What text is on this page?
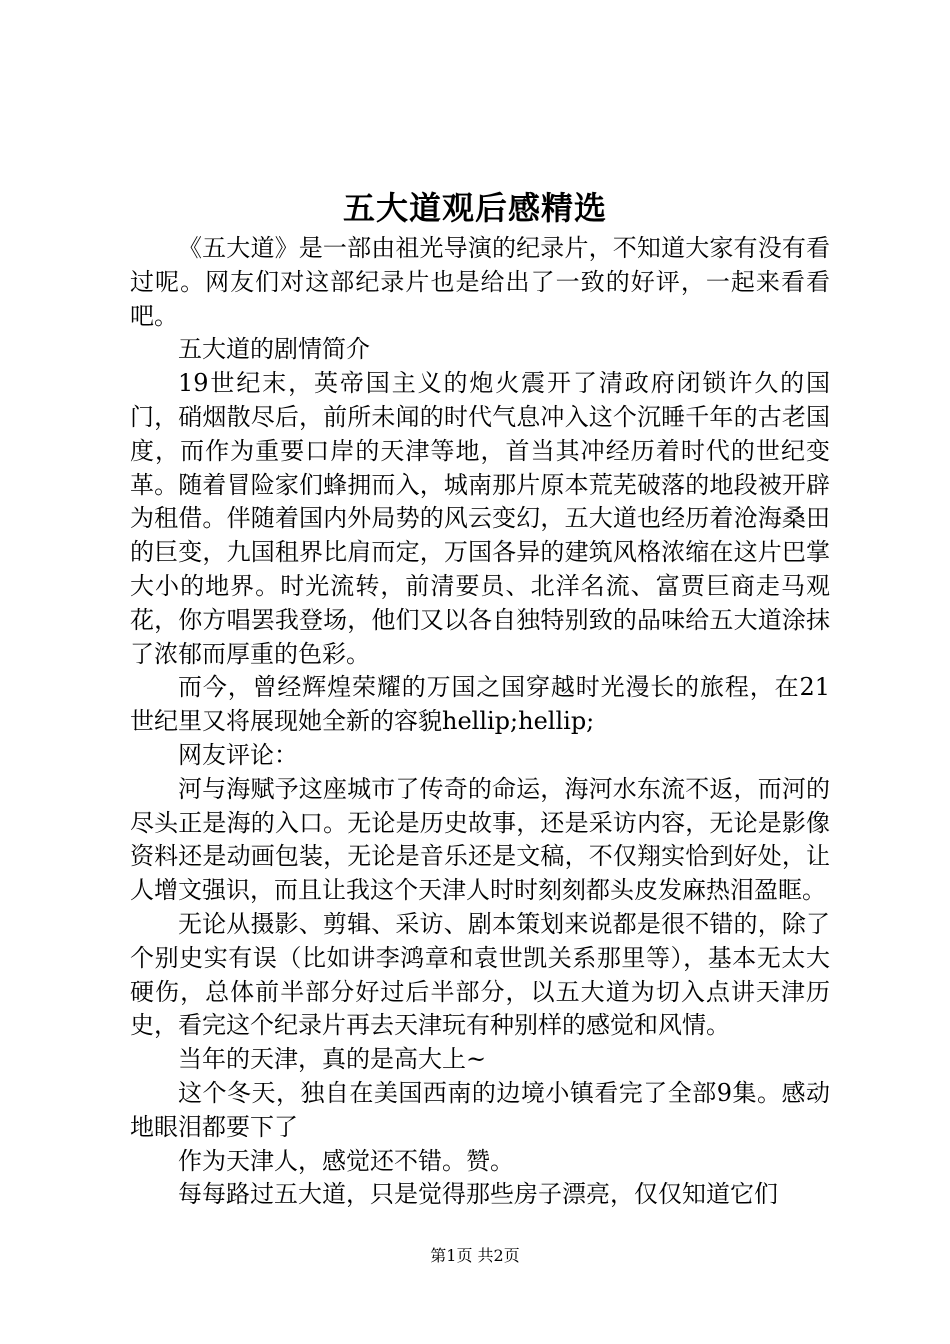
五大道观后感精选

《五大道》是一部由祖光导演的纪录片，不知道大家有没有看过呢。网友们对这部纪录片也是给出了一致的好评，一起来看看吧。

五大道的剧情简介

19世纪末，英帝国主义的炮火震开了清政府闭锁许久的国门，硝烟散尽后，前所未闻的时代气息冲入这个沉睡千年的古老国度，而作为重要口岸的天津等地，首当其冲经历着时代的世纪变革。随着冒险家们蜂拥而入，城南那片原本荒芜破落的地段被开辟为租借。伴随着国内外局势的风云变幻，五大道也经历着沧海桑田的巨变，九国租界比肩而定，万国各异的建筑风格浓缩在这片巴掌大小的地界。时光流转，前清要员、北洋名流、富贾巨商走马观花，你方唱罢我登场，他们又以各自独特别致的品味给五大道涂抹了浓郁而厚重的色彩。

而今，曾经辉煌荣耀的万国之国穿越时光漫长的旅程，在21世纪里又将展现她全新的容貌hellip;hellip;

网友评论：

河与海赋予这座城市了传奇的命运，海河水东流不返，而河的尽头正是海的入口。无论是历史故事，还是采访内容，无论是影像资料还是动画包装，无论是音乐还是文稿，不仅翔实恰到好处，让人增文强识，而且让我这个天津人时时刻刻都头皮发麻热泪盈眶。

无论从摄影、剪辑、采访、剧本策划来说都是很不错的，除了个别史实有误（比如讲李鸿章和袁世凯关系那里等），基本无太大硬伤，总体前半部分好过后半部分，以五大道为切入点讲天津历史，看完这个纪录片再去天津玩有种别样的感觉和风情。

当年的天津，真的是高大上~

这个冬天，独自在美国西南的边境小镇看完了全部9集。感动地眼泪都要下了

作为天津人，感觉还不错。赞。

每每路过五大道，只是觉得那些房子漂亮，仅仅知道它们

第1页 共2页
